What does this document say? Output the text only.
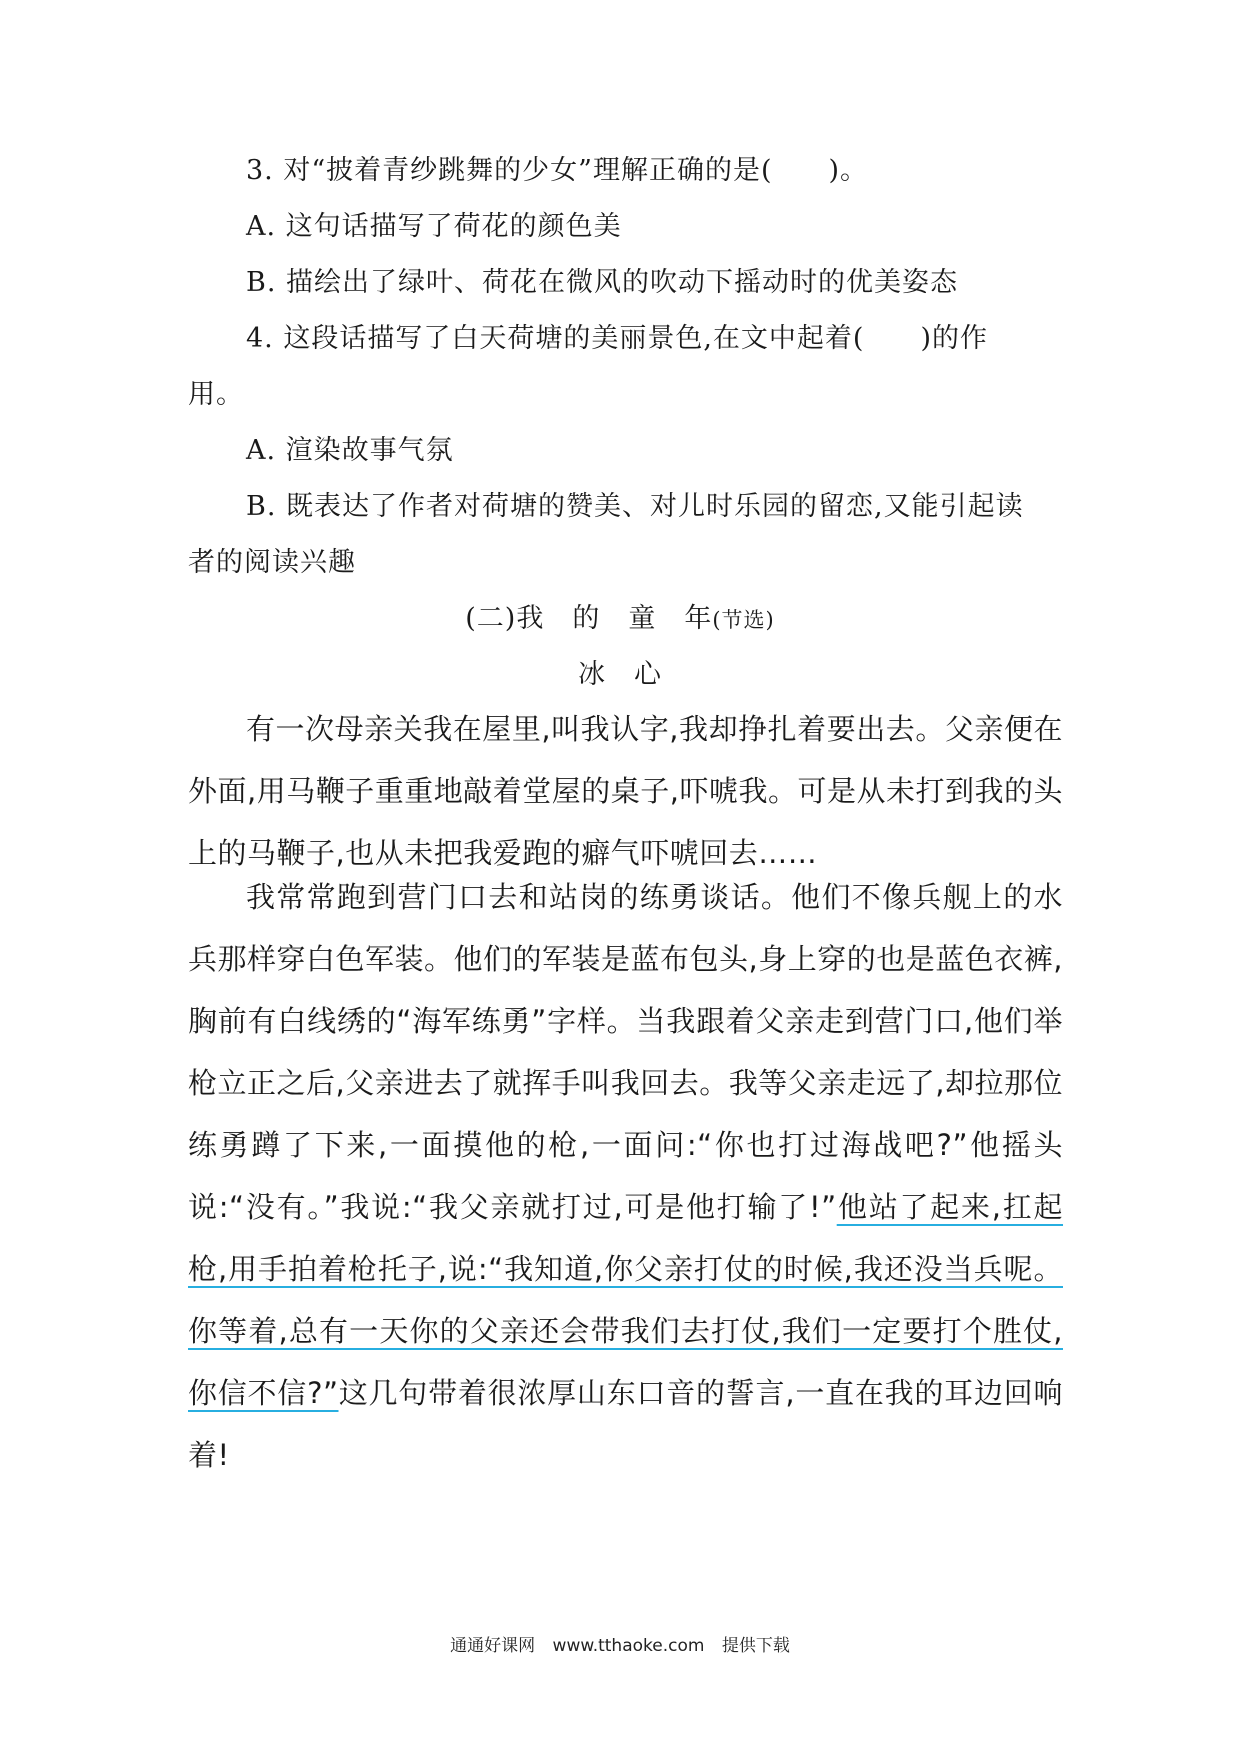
3. 对“披着青纱跳舞的少女”理解正确的是(　　)。
A. 这句话描写了荷花的颜色美
B. 描绘出了绿叶、荷花在微风的吹动下摇动时的优美姿态
4. 这段话描写了白天荷塘的美丽景色,在文中起着(　　)的作
用。
A. 渲染故事气氛
B. 既表达了作者对荷塘的赞美、对儿时乐园的留恋,又能引起读
者的阅读兴趣
(二)我　的　童　年(节选)
冰　心
有一次母亲关我在屋里,叫我认字,我却挣扎着要出去。父亲便在外面,用马鞭子重重地敲着堂屋的桌子,吓唬我。可是从未打到我的头上的马鞭子,也从未把我爱跑的癖气吓唬回去……
我常常跑到营门口去和站岗的练勇谈话。他们不像兵舰上的水兵那样穿白色军装。他们的军装是蓝布包头,身上穿的也是蓝色衣裤,胸前有白线绣的“海军练勇”字样。当我跟着父亲走到营门口,他们举枪立正之后,父亲进去了就挥手叫我回去。我等父亲走远了,却拉那位练勇蹲了下来,一面摸他的枪,一面问:“你也打过海战吧?”他摇头说:“没有。”我说:“我父亲就打过,可是他打输了!”他站了起来,扛起枪,用手拍着枪托子,说:“我知道,你父亲打仗的时候,我还没当兵呢。你等着,总有一天你的父亲还会带我们去打仗,我们一定要打个胜仗,你信不信?”这几句带着很浓厚山东口音的誓言,一直在我的耳边回响着!
通通好课网 www.tthaoke.com 提供下载
